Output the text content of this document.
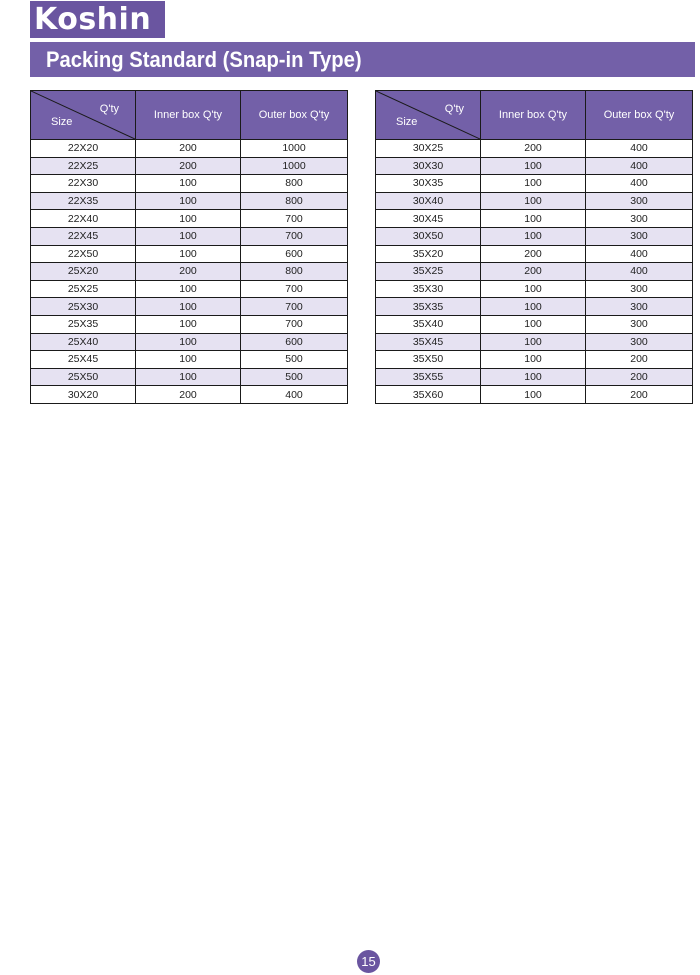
Koshin
Packing Standard (Snap-in Type)
Q'ty
Size	Inner box Q'ty	Outer box Q'ty
22X20	200	1000
22X25	200	1000
22X30	100	800
22X35	100	800
22X40	100	700
22X45	100	700
22X50	100	600
25X20	200	800
25X25	100	700
25X30	100	700
25X35	100	700
25X40	100	600
25X45	100	500
25X50	100	500
30X20	200	400
Q'ty
Size	Inner box Q'ty	Outer box Q'ty
30X25	200	400
30X30	100	400
30X35	100	400
30X40	100	300
30X45	100	300
30X50	100	300
35X20	200	400
35X25	200	400
35X30	100	300
35X35	100	300
35X40	100	300
35X45	100	300
35X50	100	200
35X55	100	200
35X60	100	200
15
